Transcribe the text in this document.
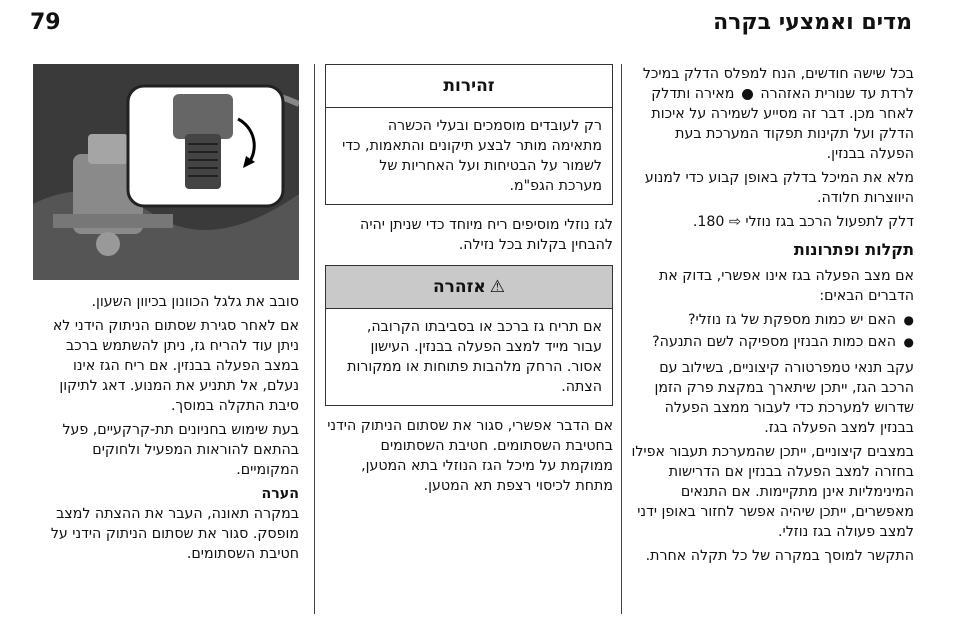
79	מדים ואמצעי בקרה

בכל שישה חודשים, הנח למפלס הדלק במיכל לרדת עד שנורית האזהרה  מאירה ותדלק לאחר מכן. דבר זה מסייע לשמירה על איכות הדלק ועל תקינות תפקוד המערכת בעת הפעלה בבנזין.

מלא את המיכל בדלק באופן קבוע כדי למנוע היווצרות חלודה.

דלק לתפעול הרכב בגז נוזלי ⇨ 180.

תקלות ופתרונות

אם מצב הפעלה בגז אינו אפשרי, בדוק את הדברים הבאים:

● האם יש כמות מספקת של גז נוזלי?
● האם כמות הבנזין מספיקה לשם התנעה?

עקב תנאי טמפרטורה קיצוניים, בשילוב עם הרכב הגז, ייתכן שיתארך במקצת פרק הזמן שדרוש למערכת כדי לעבור ממצב הפעלה בבנזין למצב הפעלה בגז.

במצבים קיצוניים, ייתכן שהמערכת תעבור אפילו בחזרה למצב הפעלה בבנזין אם הדרישות המינימליות אינן מתקיימות. אם התנאים מאפשרים, ייתכן שיהיה אפשר לחזור באופן ידני למצב פעולה בגז נוזלי.

התקשר למוסך במקרה של כל תקלה אחרת.

זהירות
רק לעובדים מוסמכים ובעלי הכשרה מתאימה מותר לבצע תיקונים והתאמות, כדי לשמור על הבטיחות ועל האחריות של מערכת הגפ"מ.

לגז נוזלי מוסיפים ריח מיוחד כדי שניתן יהיה להבחין בקלות בכל נזילה.

⚠
אזהרה
אם תריח גז ברכב או בסביבתו הקרובה, עבור מייד למצב הפעלה בבנזין. העישון אסור. הרחק מלהבות פתוחות או ממקורות הצתה.

אם הדבר אפשרי, סגור את שסתום הניתוק הידני בחטיבת השסתומים. חטיבת השסתומים ממוקמת על מיכל הגז הנוזלי בתא המטען, מתחת לכיסוי רצפת תא המטען.

סובב את גלגל הכוונון בכיוון השעון.

אם לאחר סגירת שסתום הניתוק הידני לא ניתן עוד להריח גז, ניתן להשתמש ברכב במצב הפעלה בבנזין. אם ריח הגז אינו נעלם, אל תתניע את המנוע. דאג לתיקון סיבת התקלה במוסך.

בעת שימוש בחניונים תת-קרקעיים, פעל בהתאם להוראות המפעיל ולחוקים המקומיים.

הערה

במקרה תאונה, העבר את ההצתה למצב מופסק. סגור את שסתום הניתוק הידני על חטיבת השסתומים.
